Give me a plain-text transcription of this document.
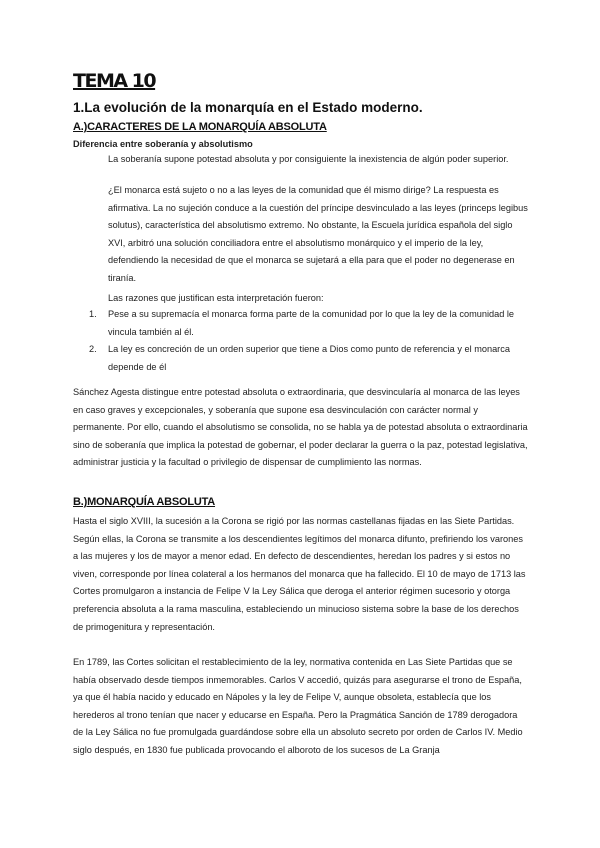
TEMA 10
1.La evolución de la monarquía en el Estado moderno.
A.)CARACTERES DE LA MONARQUÍA ABSOLUTA
Diferencia entre soberanía y absolutismo

La soberanía supone potestad absoluta y por consiguiente la inexistencia de algún poder superior.

¿El monarca está sujeto o no a las leyes de la comunidad que él mismo dirige? La respuesta es afirmativa. La no sujeción conduce a la cuestión del príncipe desvinculado a las leyes (princeps legibus solutus), característica del absolutismo extremo. No obstante, la Escuela jurídica española del siglo XVI, arbitró una solución conciliadora entre el absolutismo monárquico y el imperio de la ley, defendiendo la necesidad de que el monarca se sujetará a ella para que el poder no degenerase en tiranía.

Las razones que justifican esta interpretación fueron:

1. Pese a su supremacía el monarca forma parte de la comunidad por lo que la ley de la comunidad le vincula también al él.
2. La ley es concreción de un orden superior que tiene a Dios como punto de referencia y el monarca depende de él

Sánchez Agesta distingue entre potestad absoluta o extraordinaria, que desvincularía al monarca de las leyes en caso graves y excepcionales, y soberanía que supone esa desvinculación con carácter normal y permanente. Por ello, cuando el absolutismo se consolida, no se habla ya de potestad absoluta o extraordinaria sino de soberanía que implica la potestad de gobernar, el poder declarar la guerra o la paz, potestad legislativa, administrar justicia y la facultad o privilegio de dispensar de cumplimiento las normas.

B.)MONARQUÍA ABSOLUTA

Hasta el siglo XVIII, la sucesión a la Corona se rigió por las normas castellanas fijadas en las Siete Partidas. Según ellas, la Corona se transmite a los descendientes legítimos del monarca difunto, prefiriendo los varones a las mujeres y los de mayor a menor edad. En defecto de descendientes, heredan los padres y si estos no viven, corresponde por línea colateral a los hermanos del monarca que ha fallecido. El 10 de mayo de 1713 las Cortes promulgaron a instancia de Felipe V la Ley Sálica que deroga el anterior régimen sucesorio y otorga preferencia absoluta a la rama masculina, estableciendo un minucioso sistema sobre la base de los derechos de primogenitura y representación.

En 1789, las Cortes solicitan el restablecimiento de la ley, normativa contenida en Las Siete Partidas que se había observado desde tiempos inmemorables. Carlos V accedió, quizás para asegurarse el trono de España, ya que él había nacido y educado en Nápoles y la ley de Felipe V, aunque obsoleta, establecía que los herederos al trono tenían que nacer y educarse en España. Pero la Pragmática Sanción de 1789 derogadora de la Ley Sálica no fue promulgada guardándose sobre ella un absoluto secreto por orden de Carlos IV. Medio siglo después, en 1830 fue publicada provocando el alboroto de los sucesos de La Granja
